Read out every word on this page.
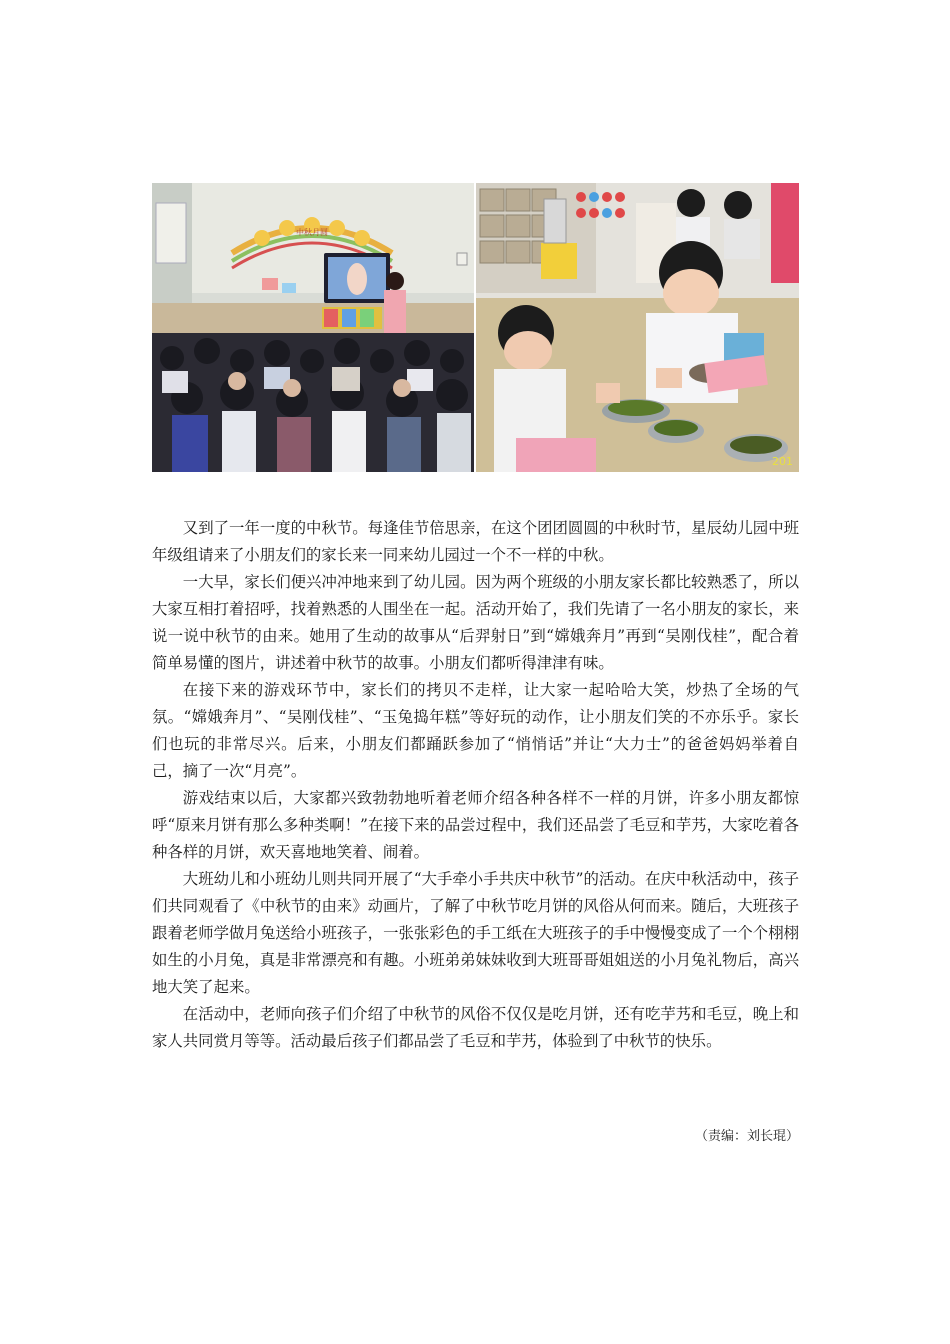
中秋月圆
201

又到了一年一度的中秋节。每逢佳节倍思亲，在这个团团圆圆的中秋时节，星辰幼儿园中班年级组请来了小朋友们的家长来一同来幼儿园过一个不一样的中秋。

一大早，家长们便兴冲冲地来到了幼儿园。因为两个班级的小朋友家长都比较熟悉了，所以大家互相打着招呼，找着熟悉的人围坐在一起。活动开始了，我们先请了一名小朋友的家长，来说一说中秋节的由来。她用了生动的故事从“后羿射日”到“嫦娥奔月”再到“吴刚伐桂”，配合着简单易懂的图片，讲述着中秋节的故事。小朋友们都听得津津有味。

在接下来的游戏环节中，家长们的拷贝不走样，让大家一起哈哈大笑，炒热了全场的气氛。“嫦娥奔月”、“吴刚伐桂”、“玉兔捣年糕”等好玩的动作，让小朋友们笑的不亦乐乎。家长们也玩的非常尽兴。后来，小朋友们都踊跃参加了“悄悄话”并让“大力士”的爸爸妈妈举着自己，摘了一次“月亮”。

游戏结束以后，大家都兴致勃勃地听着老师介绍各种各样不一样的月饼，许多小朋友都惊呼“原来月饼有那么多种类啊！”在接下来的品尝过程中，我们还品尝了毛豆和芋艿，大家吃着各种各样的月饼，欢天喜地地笑着、闹着。

大班幼儿和小班幼儿则共同开展了“大手牵小手共庆中秋节”的活动。在庆中秋活动中，孩子们共同观看了《中秋节的由来》动画片，了解了中秋节吃月饼的风俗从何而来。随后，大班孩子跟着老师学做月兔送给小班孩子，一张张彩色的手工纸在大班孩子的手中慢慢变成了一个个栩栩如生的小月兔，真是非常漂亮和有趣。小班弟弟妹妹收到大班哥哥姐姐送的小月兔礼物后，高兴地大笑了起来。

在活动中，老师向孩子们介绍了中秋节的风俗不仅仅是吃月饼，还有吃芋艿和毛豆，晚上和家人共同赏月等等。活动最后孩子们都品尝了毛豆和芋艿，体验到了中秋节的快乐。

（责编：刘长琨）
